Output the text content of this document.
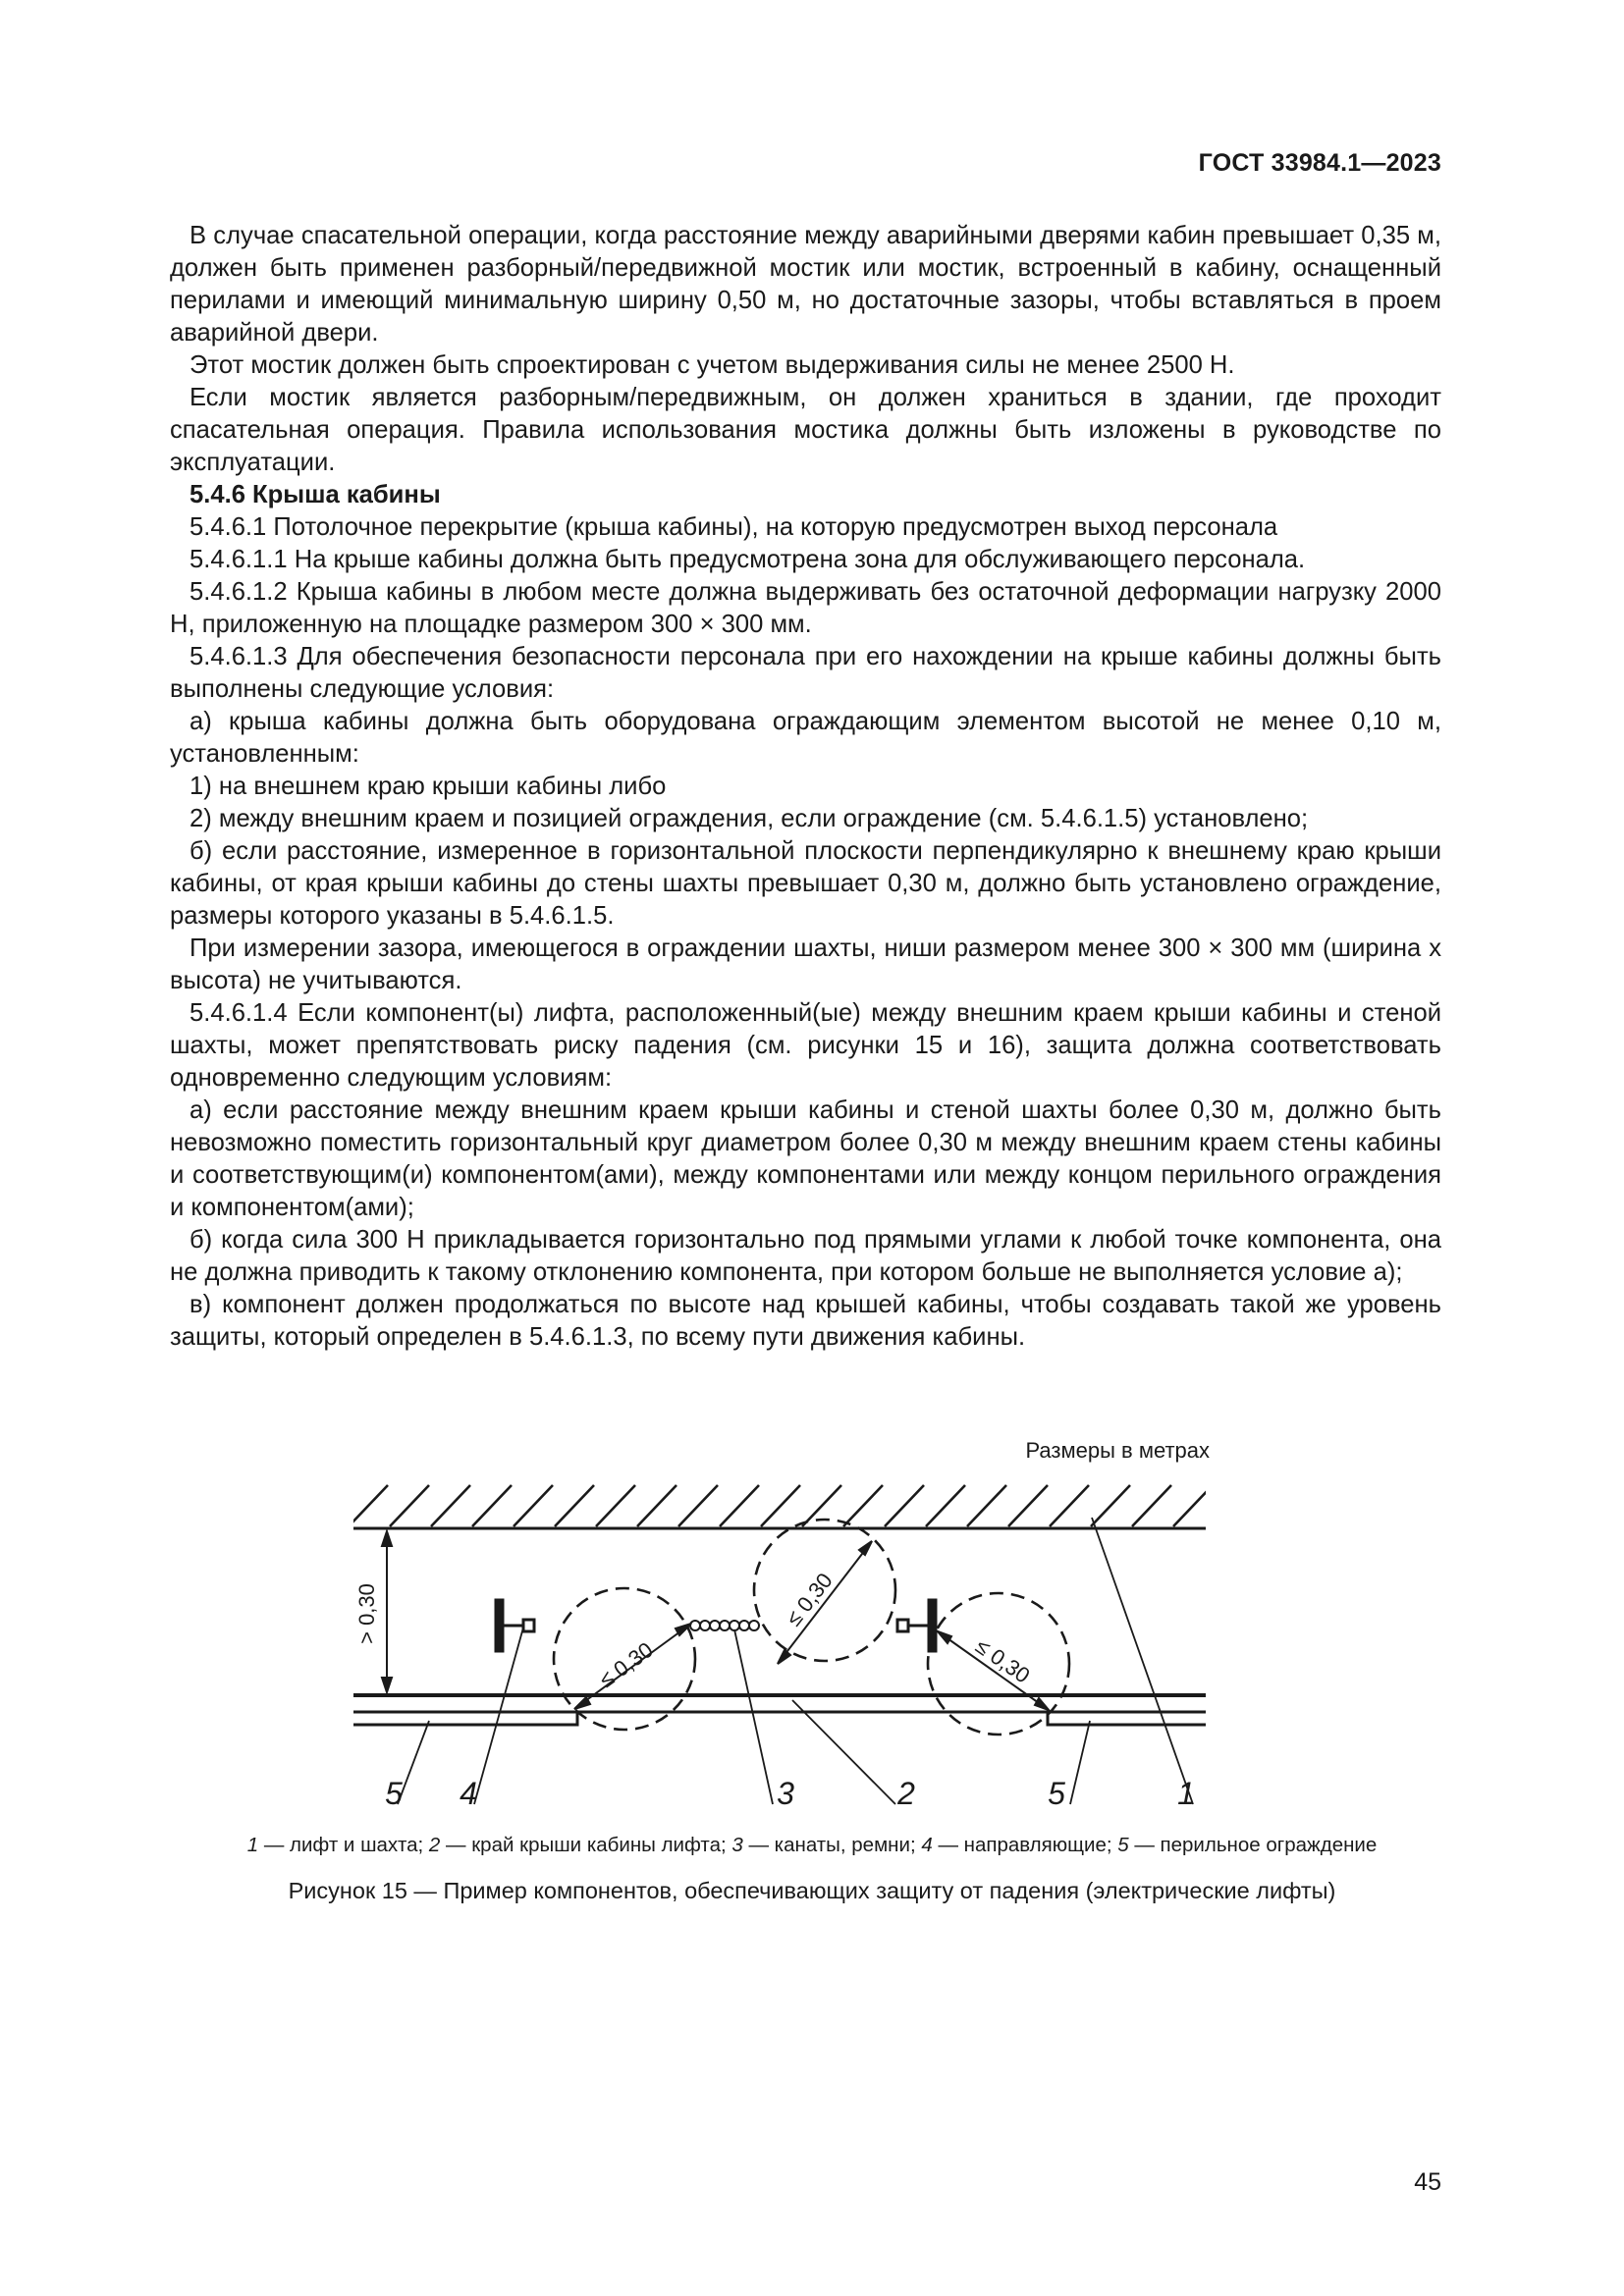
ГОСТ 33984.1—2023

В случае спасательной операции, когда расстояние между аварийными дверями кабин превышает 0,35 м, должен быть применен разборный/передвижной мостик или мостик, встроенный в кабину, оснащенный перилами и имеющий минимальную ширину 0,50 м, но достаточные зазоры, чтобы вставляться в проем аварийной двери.

Этот мостик должен быть спроектирован с учетом выдерживания силы не менее 2500 Н.

Если мостик является разборным/передвижным, он должен храниться в здании, где проходит спасательная операция. Правила использования мостика должны быть изложены в руководстве по эксплуатации.

5.4.6 Крыша кабины

5.4.6.1 Потолочное перекрытие (крыша кабины), на которую предусмотрен выход персонала

5.4.6.1.1 На крыше кабины должна быть предусмотрена зона для обслуживающего персонала.

5.4.6.1.2 Крыша кабины в любом месте должна выдерживать без остаточной деформации нагрузку 2000 Н, приложенную на площадке размером 300 × 300 мм.

5.4.6.1.3 Для обеспечения безопасности персонала при его нахождении на крыше кабины должны быть выполнены следующие условия:

а) крыша кабины должна быть оборудована ограждающим элементом высотой не менее 0,10 м, установленным:

1) на внешнем краю крыши кабины либо

2) между внешним краем и позицией ограждения, если ограждение (см. 5.4.6.1.5) установлено;

б) если расстояние, измеренное в горизонтальной плоскости перпендикулярно к внешнему краю крыши кабины, от края крыши кабины до стены шахты превышает 0,30 м, должно быть установлено ограждение, размеры которого указаны в 5.4.6.1.5.

При измерении зазора, имеющегося в ограждении шахты, ниши размером менее 300 × 300 мм (ширина х высота) не учитываются.

5.4.6.1.4 Если компонент(ы) лифта, расположенный(ые) между внешним краем крыши кабины и стеной шахты, может препятствовать риску падения (см. рисунки 15 и 16), защита должна соответствовать одновременно следующим условиям:

а) если расстояние между внешним краем крыши кабины и стеной шахты более 0,30 м, должно быть невозможно поместить горизонтальный круг диаметром более 0,30 м между внешним краем стены кабины и соответствующим(и) компонентом(ами), между компонентами или между концом перильного ограждения и компонентом(ами);

б) когда сила 300 Н прикладывается горизонтально под прямыми углами к любой точке компонента, она не должна приводить к такому отклонению компонента, при котором больше не выполняется условие а);

в) компонент должен продолжаться по высоте над крышей кабины, чтобы создавать такой же уровень защиты, который определен в 5.4.6.1.3, по всему пути движения кабины.

Размеры в метрах
> 0,30
≤ 0,30
≤ 0,30
≤ 0,30
5 4	3	2	5	1
1 — лифт и шахта; 2 — край крыши кабины лифта; 3 — канаты, ремни; 4 — направляющие; 5 — перильное ограждение
Рисунок 15 — Пример компонентов, обеспечивающих защиту от падения (электрические лифты)
45
